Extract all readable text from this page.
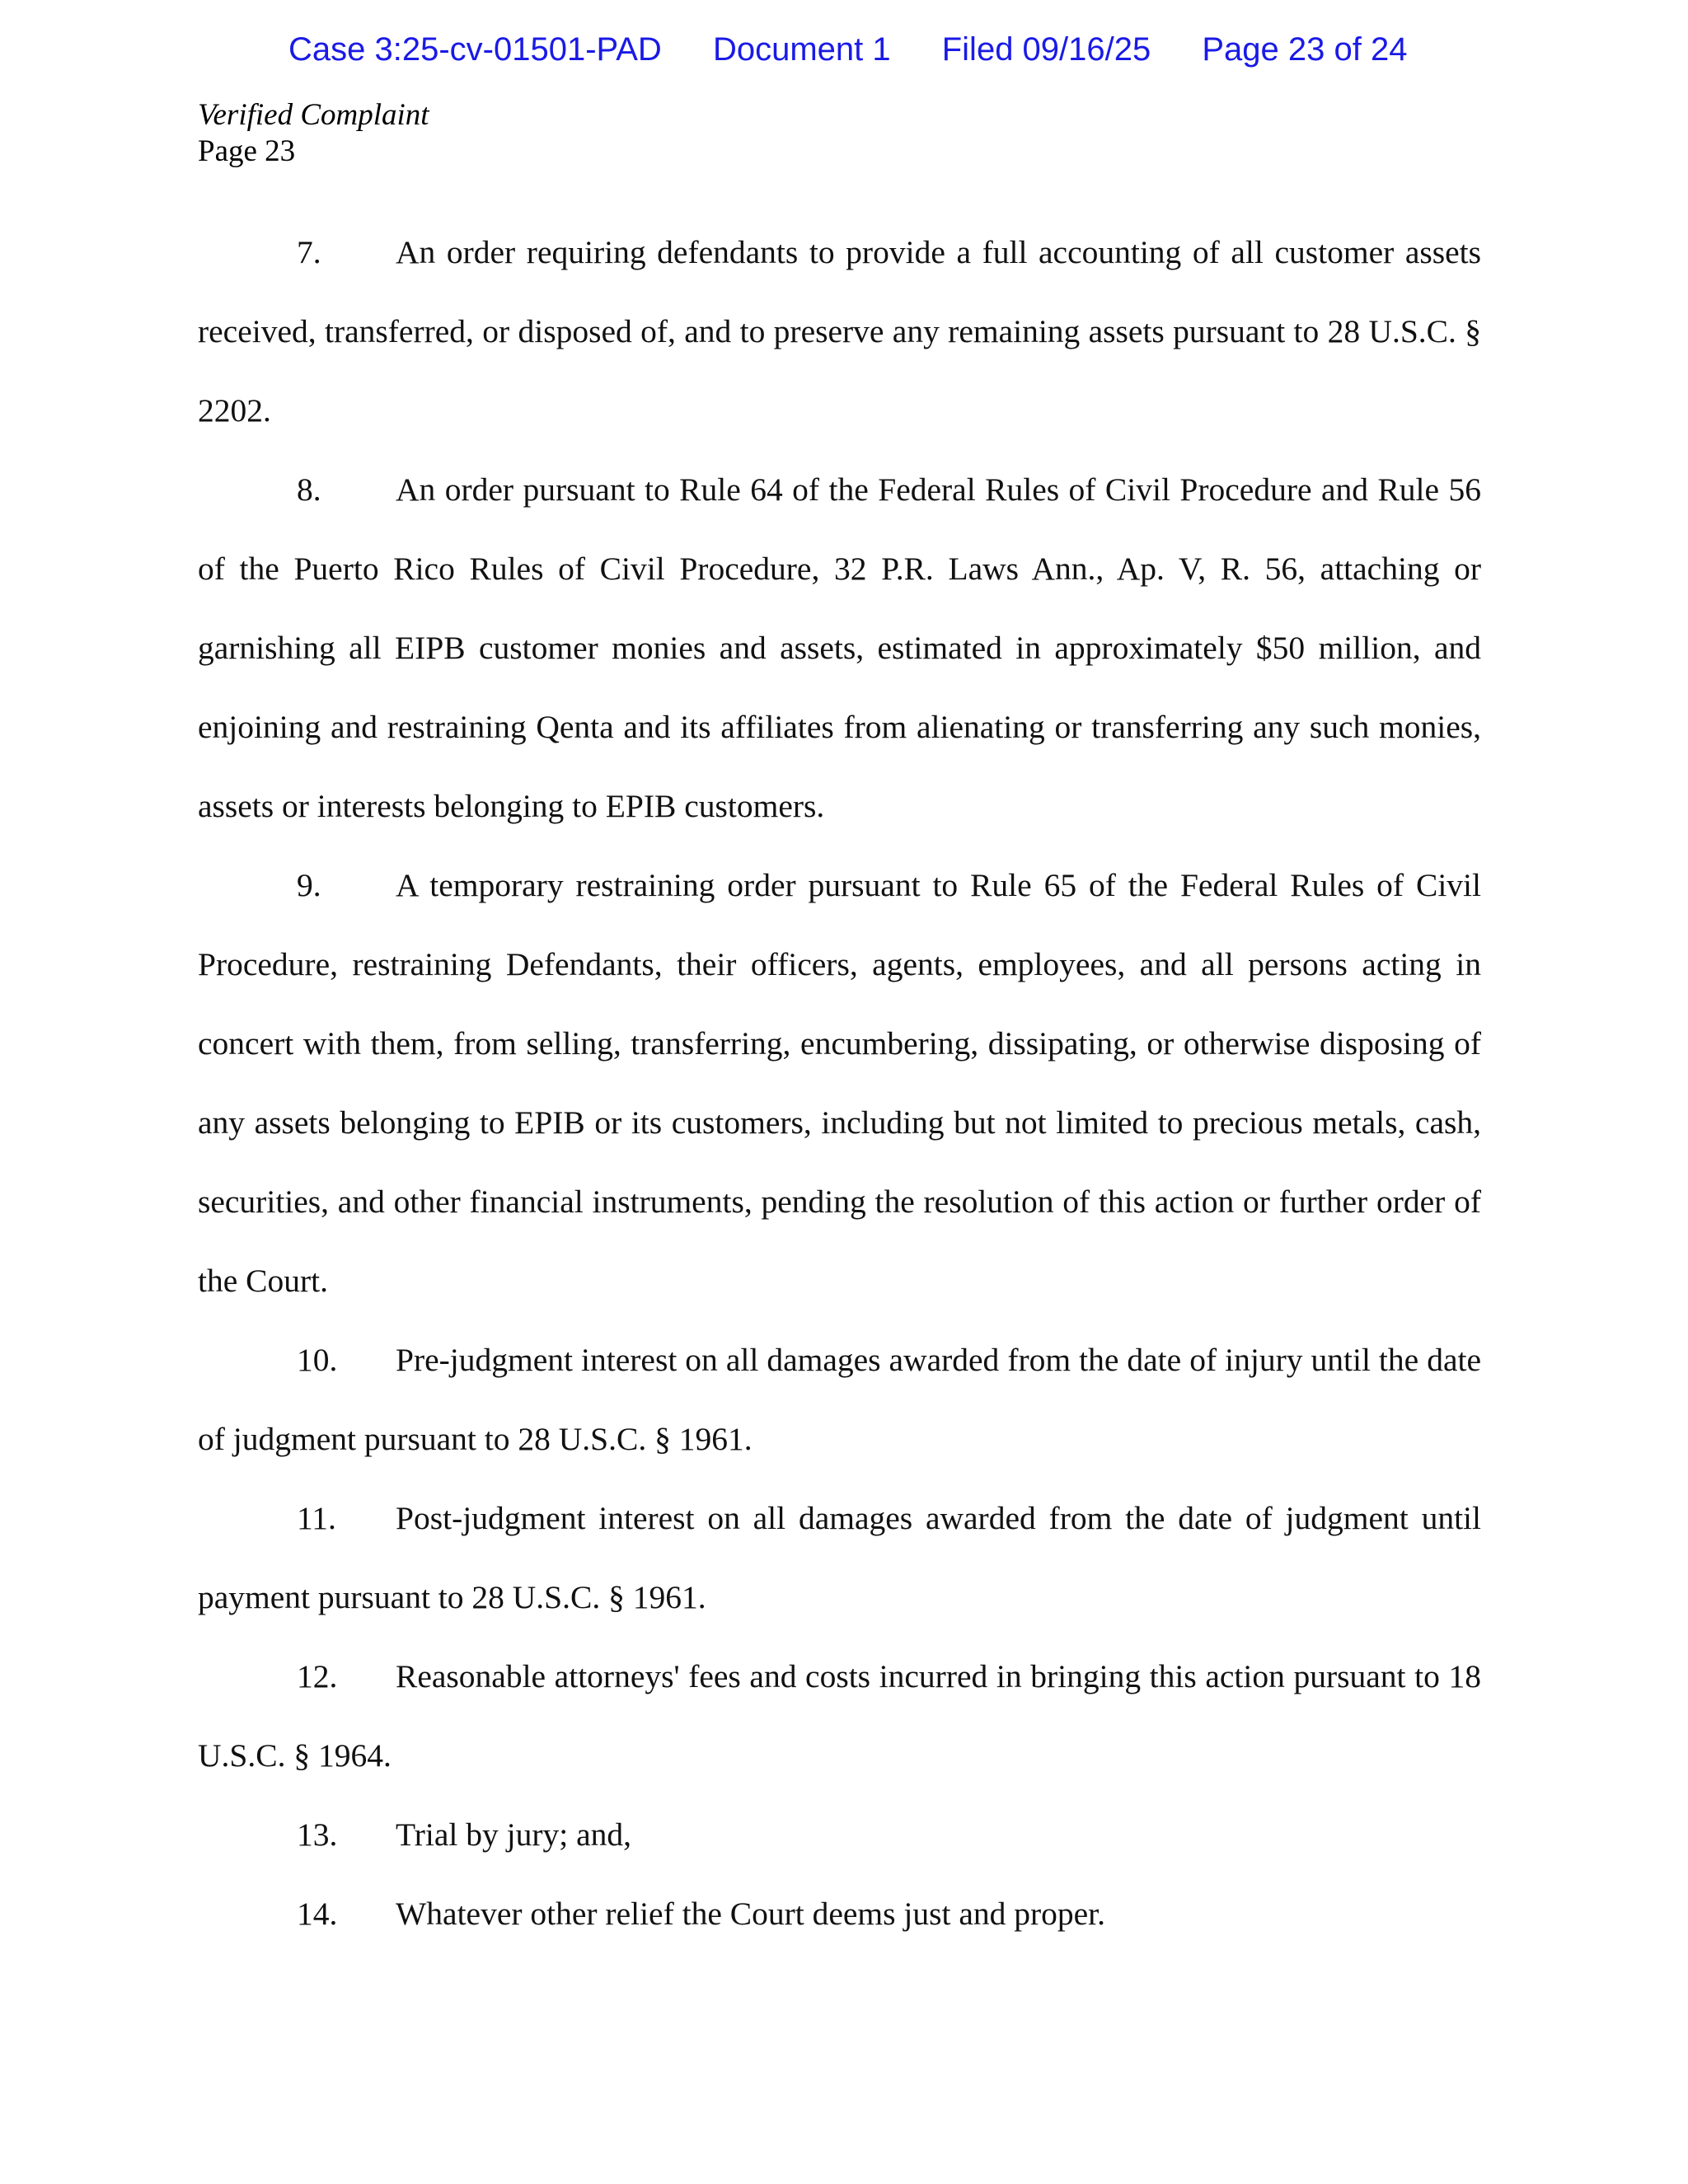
Case 3:25-cv-01501-PAD Document 1 Filed 09/16/25 Page 23 of 24
Verified Complaint
Page 23

7. An order requiring defendants to provide a full accounting of all customer assets received, transferred, or disposed of, and to preserve any remaining assets pursuant to 28 U.S.C. § 2202.

8. An order pursuant to Rule 64 of the Federal Rules of Civil Procedure and Rule 56 of the Puerto Rico Rules of Civil Procedure, 32 P.R. Laws Ann., Ap. V, R. 56, attaching or garnishing all EIPB customer monies and assets, estimated in approximately $50 million, and enjoining and restraining Qenta and its affiliates from alienating or transferring any such monies, assets or interests belonging to EPIB customers.

9. A temporary restraining order pursuant to Rule 65 of the Federal Rules of Civil Procedure, restraining Defendants, their officers, agents, employees, and all persons acting in concert with them, from selling, transferring, encumbering, dissipating, or otherwise disposing of any assets belonging to EPIB or its customers, including but not limited to precious metals, cash, securities, and other financial instruments, pending the resolution of this action or further order of the Court.

10. Pre-judgment interest on all damages awarded from the date of injury until the date of judgment pursuant to 28 U.S.C. § 1961.

11. Post-judgment interest on all damages awarded from the date of judgment until payment pursuant to 28 U.S.C. § 1961.

12. Reasonable attorneys' fees and costs incurred in bringing this action pursuant to 18 U.S.C. § 1964.

13. Trial by jury; and,

14. Whatever other relief the Court deems just and proper.
